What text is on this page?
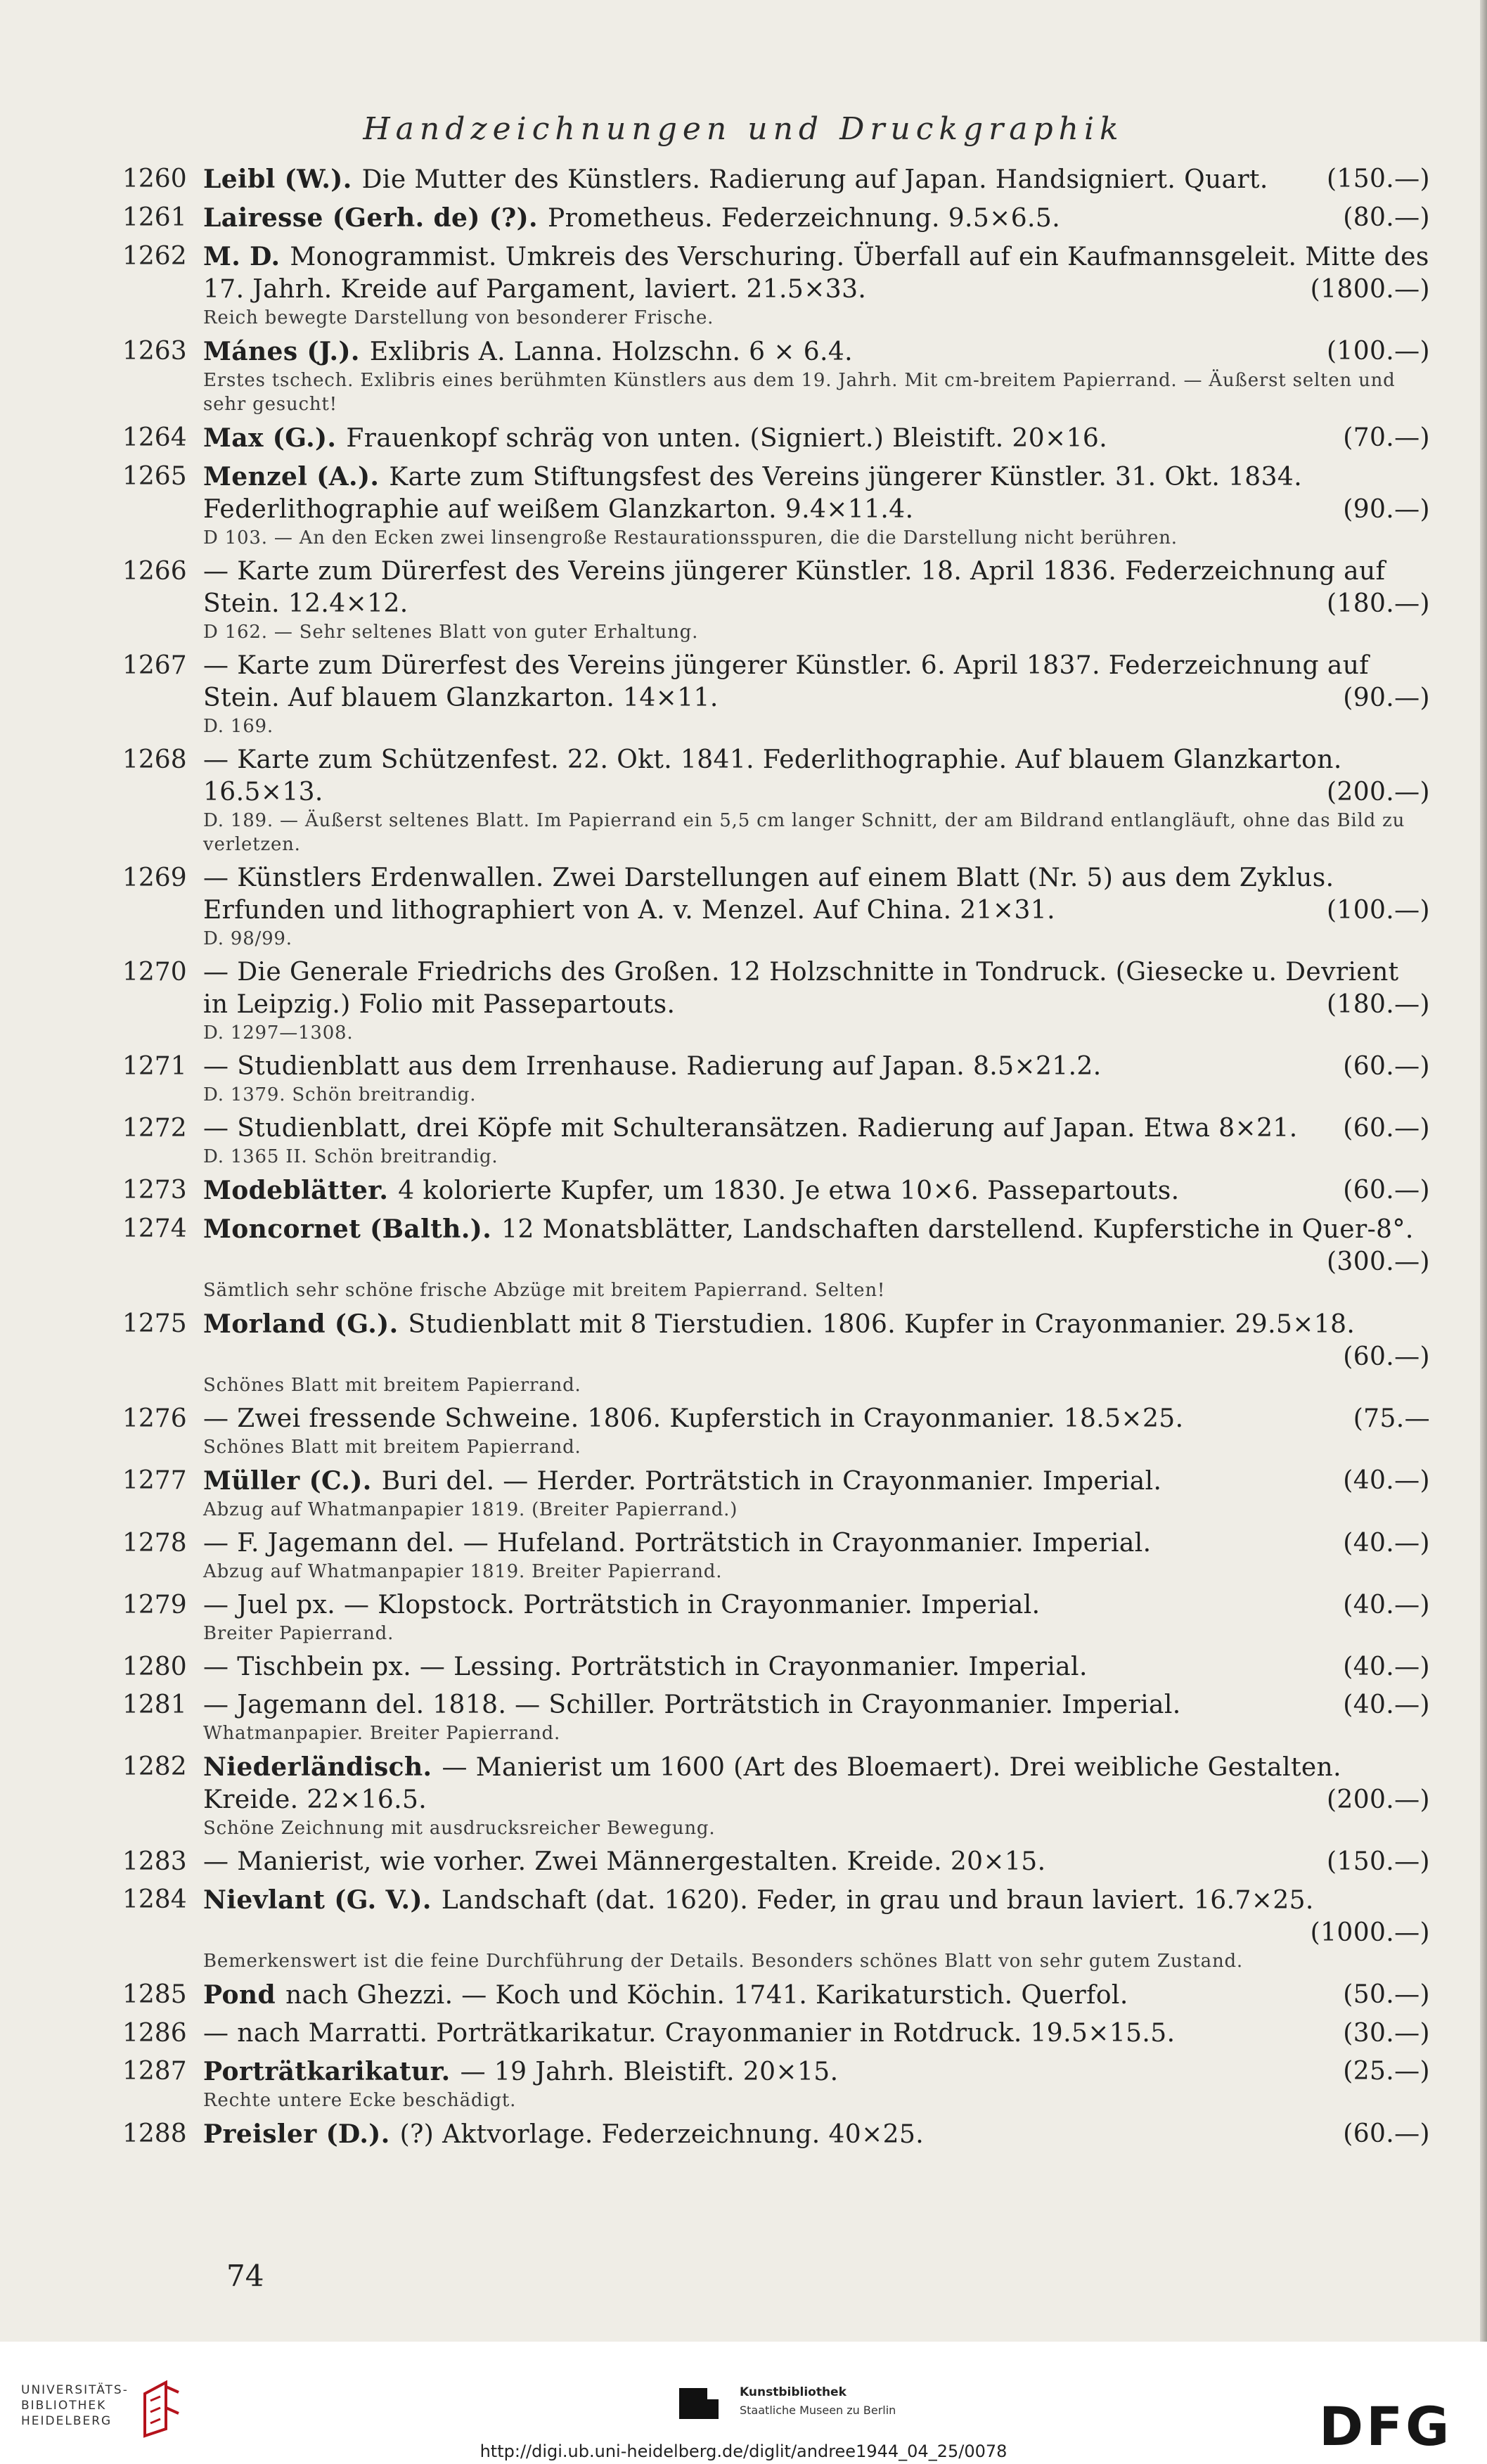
Handzeichnungen und Druckgraphik
1260 Leibl (W.). Die Mutter des Künstlers. Radierung auf Japan. Handsigniert. Quart. (150.—)
1261 Lairesse (Gerh. de) (?). Prometheus. Federzeichnung. 9.5×6.5.	(80.—)
1262 M. D. Monogrammist. Umkreis des Verschuring. Überfall auf ein Kaufmannsgeleit. Mitte des 17. Jahrh. Kreide auf Pargament, laviert. 21.5×33.	(1800.—)
Reich bewegte Darstellung von besonderer Frische.
1263 Mánes (J.). Exlibris A. Lanna. Holzschn. 6 × 6.4.	(100.—)
Erstes tschech. Exlibris eines berühmten Künstlers aus dem 19. Jahrh. Mit cm-breitem Papierrand. — Äußerst selten und sehr gesucht!
1264 Max (G.). Frauenkopf schräg von unten. (Signiert.) Bleistift. 20×16.	(70.—)
1265 Menzel (A.). Karte zum Stiftungsfest des Vereins jüngerer Künstler. 31. Okt. 1834. Federlithographie auf weißem Glanzkarton. 9.4×11.4.	(90.—)
D 103. — An den Ecken zwei linsengroße Restaurationsspuren, die die Darstellung nicht berühren.
1266 — Karte zum Dürerfest des Vereins jüngerer Künstler. 18. April 1836. Federzeichnung auf Stein. 12.4×12.	(180.—)
D 162. — Sehr seltenes Blatt von guter Erhaltung.
1267 — Karte zum Dürerfest des Vereins jüngerer Künstler. 6. April 1837. Federzeichnung auf Stein. Auf blauem Glanzkarton. 14×11.	(90.—)
D. 169.
1268 — Karte zum Schützenfest. 22. Okt. 1841. Federlithographie. Auf blauem Glanzkarton. 16.5×13.	(200.—)
D. 189. — Äußerst seltenes Blatt. Im Papierrand ein 5,5 cm langer Schnitt, der am Bildrand entlangläuft, ohne das Bild zu verletzen.
1269 — Künstlers Erdenwallen. Zwei Darstellungen auf einem Blatt (Nr. 5) aus dem Zyklus. Erfunden und lithographiert von A. v. Menzel. Auf China. 21×31.	(100.—)
D. 98/99.
1270 — Die Generale Friedrichs des Großen. 12 Holzschnitte in Tondruck. (Giesecke u. Devrient in Leipzig.) Folio mit Passepartouts.	(180.—)
D. 1297—1308.
1271 — Studienblatt aus dem Irrenhause. Radierung auf Japan. 8.5×21.2.	(60.—)
D. 1379. Schön breitrandig.
1272 — Studienblatt, drei Köpfe mit Schulteransätzen. Radierung auf Japan. Etwa 8×21. (60.—)
D. 1365 II. Schön breitrandig.
1273 Modeblätter. 4 kolorierte Kupfer, um 1830. Je etwa 10×6. Passepartouts.	(60.—)
1274 Moncornet (Balth.). 12 Monatsblätter, Landschaften darstellend. Kupferstiche in Quer-8°.
(300.—)
Sämtlich sehr schöne frische Abzüge mit breitem Papierrand. Selten!
1275 Morland (G.). Studienblatt mit 8 Tierstudien. 1806. Kupfer in Crayonmanier. 29.5×18.
(60.—)
Schönes Blatt mit breitem Papierrand.
1276 — Zwei fressende Schweine. 1806. Kupferstich in Crayonmanier. 18.5×25.	(75.—
Schönes Blatt mit breitem Papierrand.
1277 Müller (C.). Buri del. — Herder. Porträtstich in Crayonmanier. Imperial.	(40.—)
Abzug auf Whatmanpapier 1819. (Breiter Papierrand.)
1278 — F. Jagemann del. — Hufeland. Porträtstich in Crayonmanier. Imperial.	(40.—)
Abzug auf Whatmanpapier 1819. Breiter Papierrand.
1279 — Juel px. — Klopstock. Porträtstich in Crayonmanier. Imperial.	(40.—)
Breiter Papierrand.
1280 — Tischbein px. — Lessing. Porträtstich in Crayonmanier. Imperial.	(40.—)
1281 — Jagemann del. 1818. — Schiller. Porträtstich in Crayonmanier. Imperial.	(40.—)
Whatmanpapier. Breiter Papierrand.
1282 Niederländisch. — Manierist um 1600 (Art des Bloemaert). Drei weibliche Gestalten. Kreide. 22×16.5.	(200.—)
Schöne Zeichnung mit ausdrucksreicher Bewegung.
1283 — Manierist, wie vorher. Zwei Männergestalten. Kreide. 20×15.	(150.—)
1284 Nievlant (G. V.). Landschaft (dat. 1620). Feder, in grau und braun laviert. 16.7×25.
(1000.—)
Bemerkenswert ist die feine Durchführung der Details. Besonders schönes Blatt von sehr gutem Zustand.
1285 Pond nach Ghezzi. — Koch und Köchin. 1741. Karikaturstich. Querfol.	(50.—)
1286 — nach Marratti. Porträtkarikatur. Crayonmanier in Rotdruck. 19.5×15.5.	(30.—)
1287 Porträtkarikatur. — 19 Jahrh. Bleistift. 20×15.	(25.—)
Rechte untere Ecke beschädigt.
1288 Preisler (D.). (?) Aktvorlage. Federzeichnung. 40×25.	(60.—)
74
UNIVERSITÄTS-
BIBLIOTHEK
HEIDELBERG
Kunstbibliothek
Staatliche Museen zu Berlin	DFG
http://digi.ub.uni-heidelberg.de/diglit/andree1944_04_25/0078
